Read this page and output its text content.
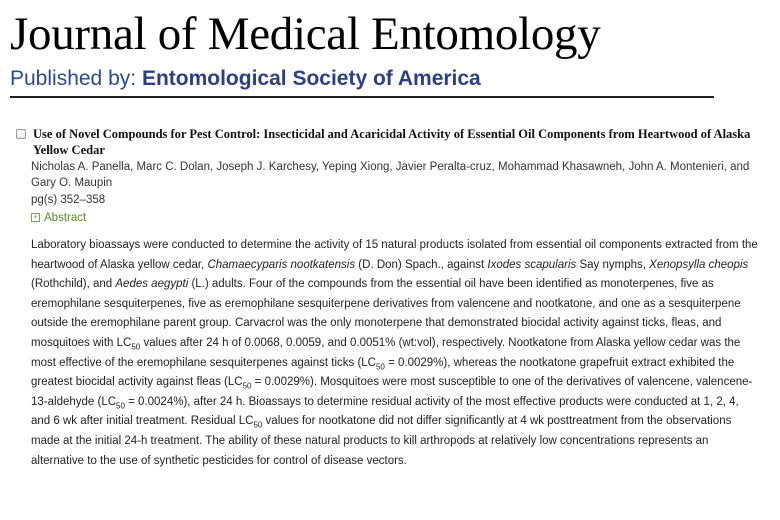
Journal of Medical Entomology
Published by: Entomological Society of America
Use of Novel Compounds for Pest Control: Insecticidal and Acaricidal Activity of Essential Oil Components from Heartwood of Alaska Yellow Cedar
Nicholas A. Panella, Marc C. Dolan, Joseph J. Karchesy, Yeping Xiong, Javier Peralta-cruz, Mohammad Khasawneh, John A. Montenieri, and Gary O. Maupin
pg(s) 352–358
+ Abstract
Laboratory bioassays were conducted to determine the activity of 15 natural products isolated from essential oil components extracted from the heartwood of Alaska yellow cedar, Chamaecyparis nootkatensis (D. Don) Spach., against Ixodes scapularis Say nymphs, Xenopsylla cheopis (Rothchild), and Aedes aegypti (L.) adults. Four of the compounds from the essential oil have been identified as monoterpenes, five as eremophilane sesquiterpenes, five as eremophilane sesquiterpene derivatives from valencene and nootkatone, and one as a sesquiterpene outside the eremophilane parent group. Carvacrol was the only monoterpene that demonstrated biocidal activity against ticks, fleas, and mosquitoes with $LC_{50}$ values after 24 h of 0.0068, 0.0059, and 0.0051% (wt:vol), respectively. Nootkatone from Alaska yellow cedar was the most effective of the eremophilane sesquiterpenes against ticks $(LC_{50} = 0.0029\%)$, whereas the nootkatone grapefruit extract exhibited the greatest biocidal activity against fleas $(LC_{50} = 0.0029\%)$. Mosquitoes were most susceptible to one of the derivatives of valencene, valencene-13-aldehyde $(LC_{50} = 0.0024\%)$, after 24 h. Bioassays to determine residual activity of the most effective products were conducted at 1, 2, 4, and 6 wk after initial treatment. Residual $LC_{50}$ values for nootkatone did not differ significantly at 4 wk posttreatment from the observations made at the initial 24-h treatment. The ability of these natural products to kill arthropods at relatively low concentrations represents an alternative to the use of synthetic pesticides for control of disease vectors.
